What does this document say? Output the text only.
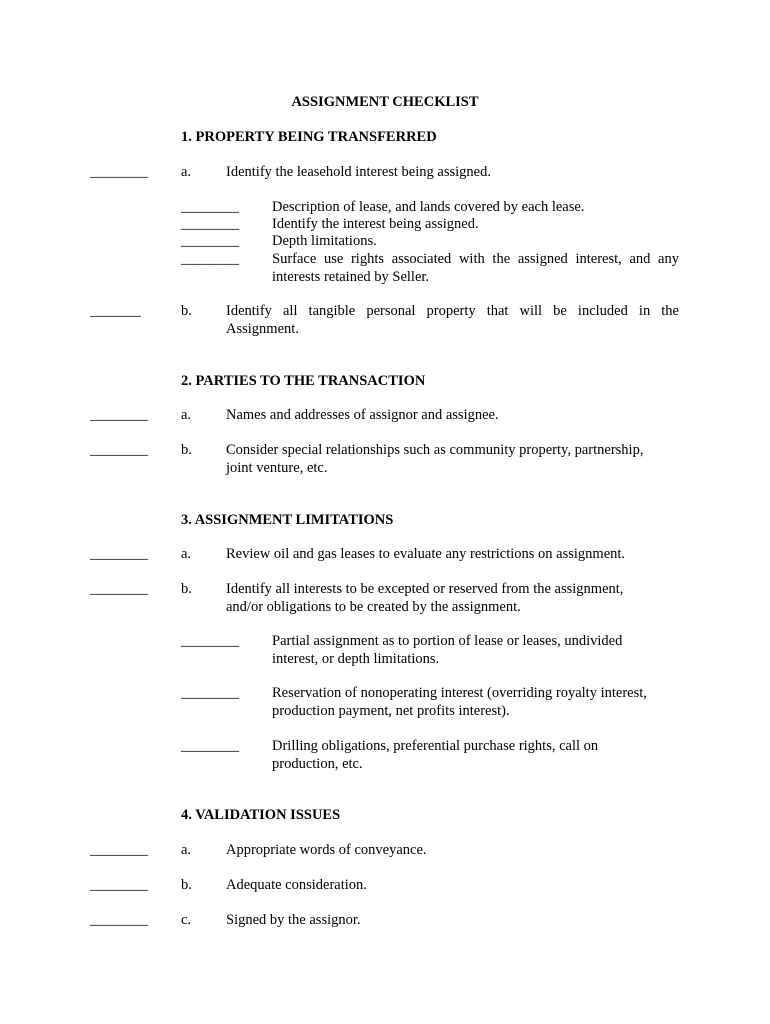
ASSIGNMENT CHECKLIST
1. PROPERTY BEING TRANSFERRED
________ a. Identify the leasehold interest being assigned.
________ Description of lease, and lands covered by each lease.
________ Identify the interest being assigned.
________ Depth limitations.
________ Surface use rights associated with the assigned interest, and any interests retained by Seller.
_______	b. Identify all tangible personal property that will be included in the Assignment.
2. PARTIES TO THE TRANSACTION
________ a. Names and addresses of assignor and assignee.
________ b. Consider special relationships such as community property, partnership, joint venture, etc.
3. ASSIGNMENT LIMITATIONS
________ a. Review oil and gas leases to evaluate any restrictions on assignment.
________ b. Identify all interests to be excepted or reserved from the assignment, and/or obligations to be created by the assignment.
________ Partial assignment as to portion of lease or leases, undivided interest, or depth limitations.
________ Reservation of nonoperating interest (overriding royalty interest, production payment, net profits interest).
________ Drilling obligations, preferential purchase rights, call on production, etc.
4. VALIDATION ISSUES
________ a. Appropriate words of conveyance.
________ b. Adequate consideration.
________ c. Signed by the assignor.
